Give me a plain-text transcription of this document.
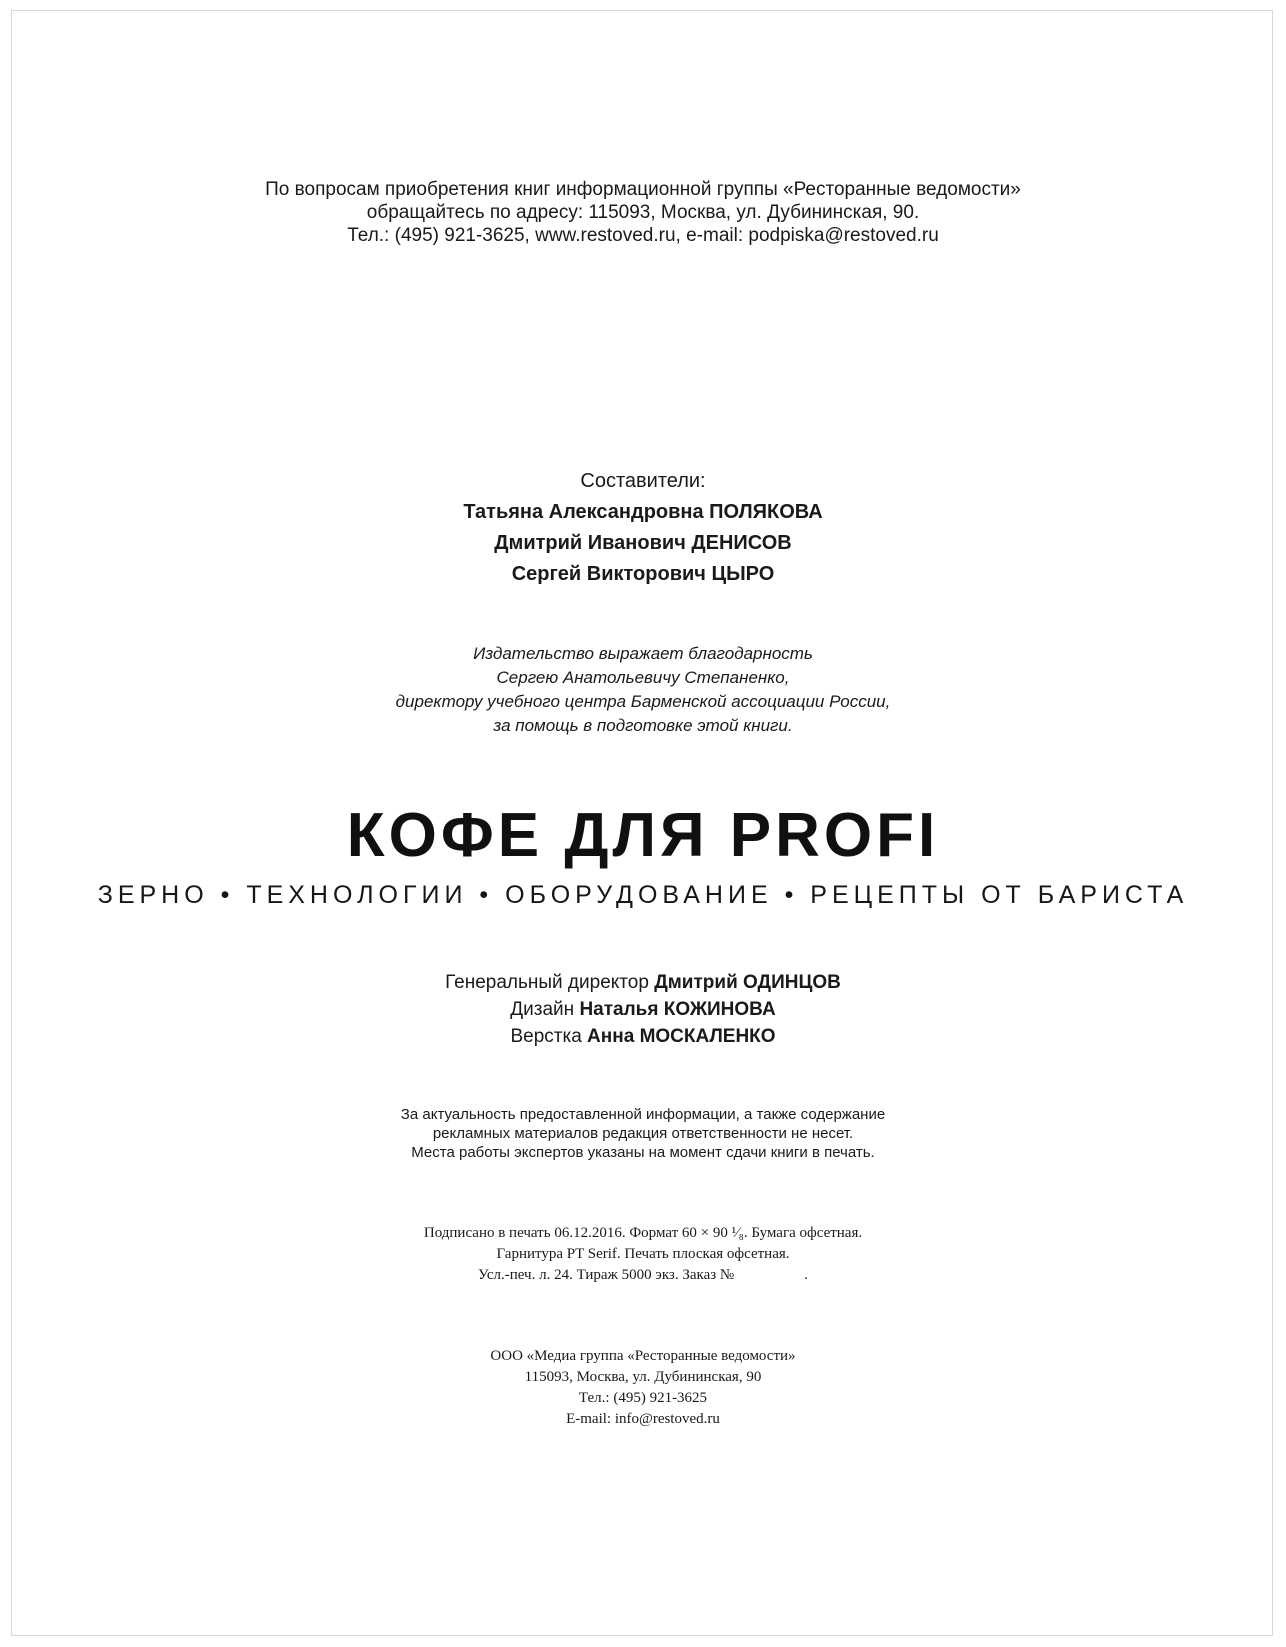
По вопросам приобретения книг информационной группы «Ресторанные ведомости»
обращайтесь по адресу: 115093, Москва, ул. Дубининская, 90.
Тел.: (495) 921-3625, www.restoved.ru, e-mail: podpiska@restoved.ru
Составители:
Татьяна Александровна ПОЛЯКОВА
Дмитрий Иванович ДЕНИСОВ
Сергей Викторович ЦЫРО
Издательство выражает благодарность
Сергею Анатольевичу Степаненко,
директору учебного центра Барменской ассоциации России,
за помощь в подготовке этой книги.
КОФЕ ДЛЯ PROFI
ЗЕРНО • ТЕХНОЛОГИИ • ОБОРУДОВАНИЕ • РЕЦЕПТЫ ОТ БАРИСТА
Генеральный директор Дмитрий ОДИНЦОВ
Дизайн Наталья КОЖИНОВА
Верстка Анна МОСКАЛЕНКО
За актуальность предоставленной информации, а также содержание
рекламных материалов редакция ответственности не несет.
Места работы экспертов указаны на момент сдачи книги в печать.
Подписано в печать 06.12.2016. Формат 60 × 90 ¹⁄₈. Бумага офсетная.
Гарнитура PT Serif. Печать плоская офсетная.
Усл.-печ. л. 24. Тираж 5000 экз. Заказ №	.
ООО «Медиа группа «Ресторанные ведомости»
115093, Москва, ул. Дубининская, 90
Тел.: (495) 921-3625
E-mail: info@restoved.ru
